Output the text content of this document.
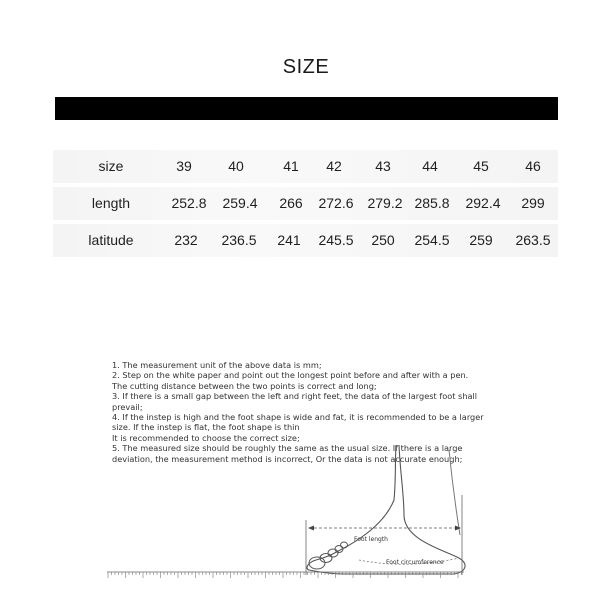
SIZE
size	39	40	41 42 43 44	45	46
length	252.8 259.4 266 272.6 279.2 285.8 292.4 299
latitude	232 236.5 241 245.5 250 254.5 259 263.5
1. The measurement unit of the above data is mm;
2. Step on the white paper and point out the longest point before and after with a pen.
The cutting distance between the two points is correct and long;
3. If there is a small gap between the left and right feet, the data of the largest foot shall
prevail;
4. If the instep is high and the foot shape is wide and fat, it is recommended to be a larger
size. If the instep is flat, the foot shape is thin
It is recommended to choose the correct size;
5. The measured size should be roughly the same as the usual size. If there is a large
deviation, the measurement method is incorrect, Or the data is not accurate enough;
Foot length
Foot circumference
